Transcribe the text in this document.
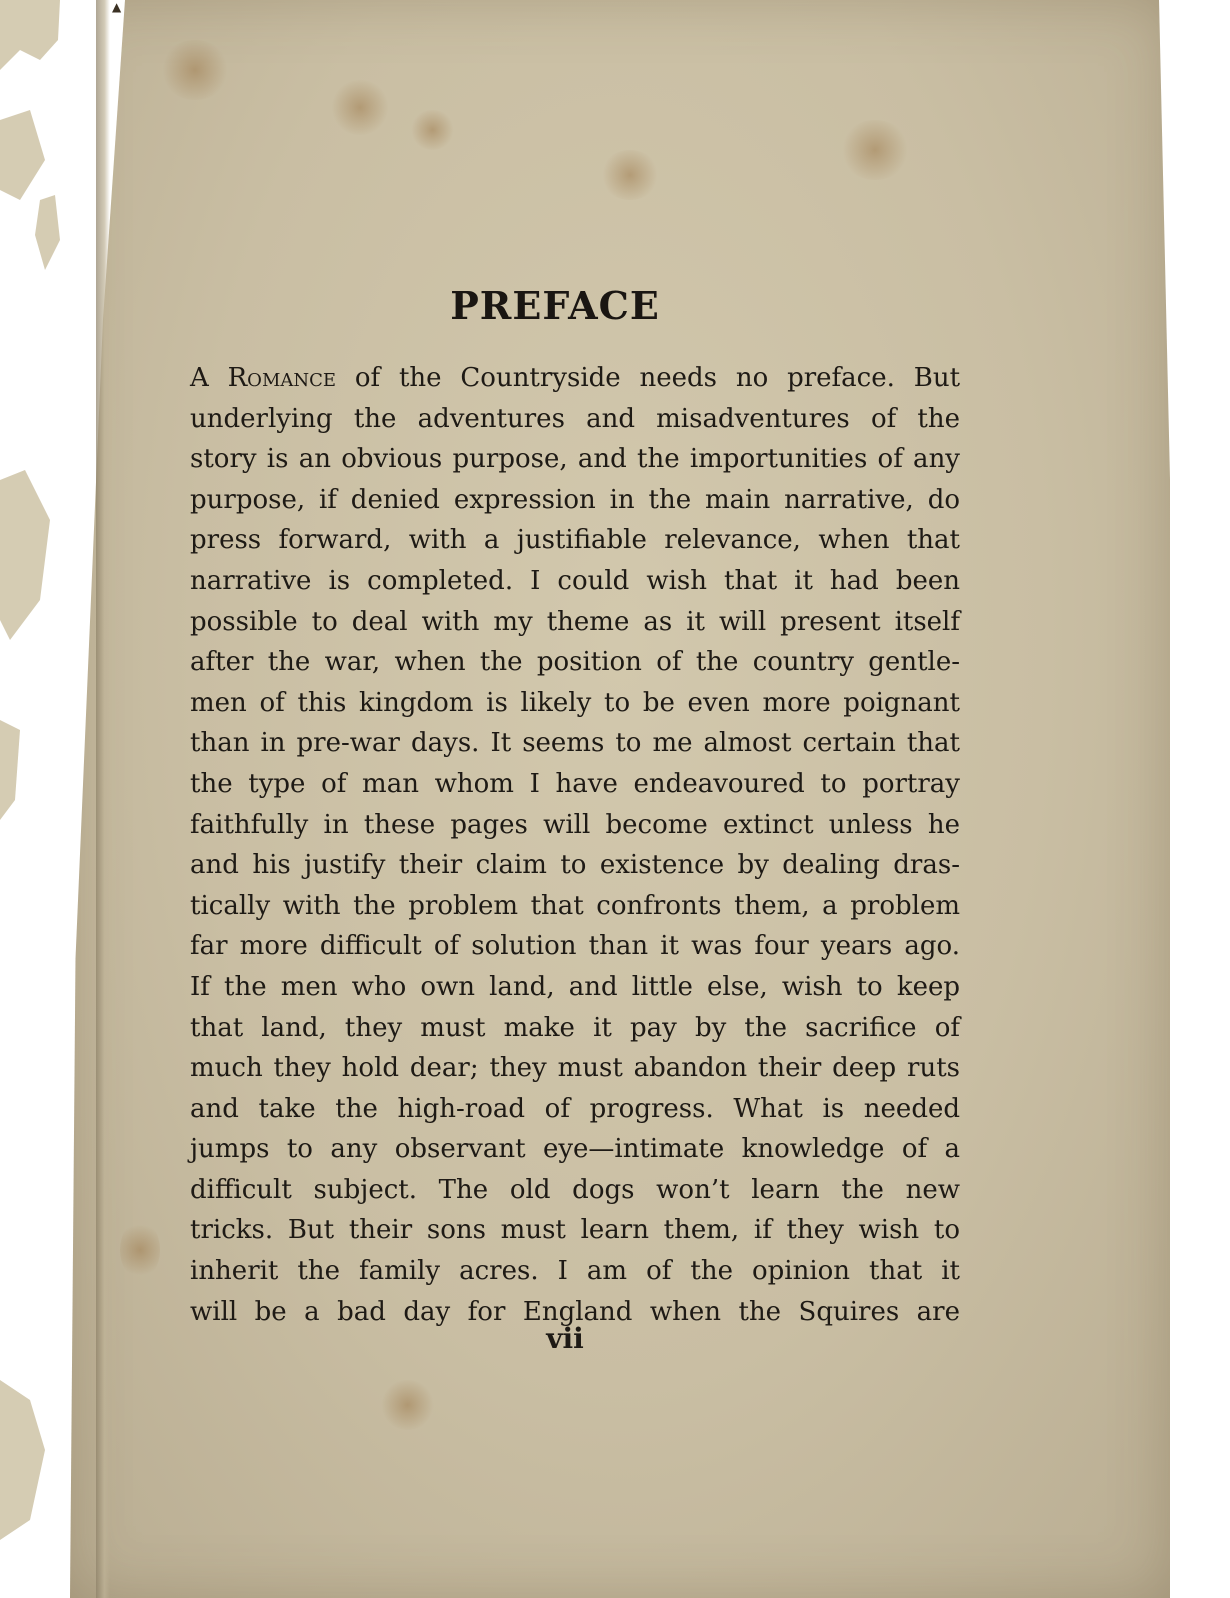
▲
PREFACE
A Romance of the Countryside needs no preface. But
underlying the adventures and misadventures of the
story is an obvious purpose, and the importunities of any
purpose, if denied expression in the main narrative, do
press forward, with a justifiable relevance, when that
narrative is completed. I could wish that it had been
possible to deal with my theme as it will present itself
after the war, when the position of the country gentle-
men of this kingdom is likely to be even more poignant
than in pre-war days. It seems to me almost certain that
the type of man whom I have endeavoured to portray
faithfully in these pages will become extinct unless he
and his justify their claim to existence by dealing dras-
tically with the problem that confronts them, a problem
far more difficult of solution than it was four years ago.
If the men who own land, and little else, wish to keep
that land, they must make it pay by the sacrifice of
much they hold dear; they must abandon their deep ruts
and take the high-road of progress. What is needed
jumps to any observant eye—intimate knowledge of a
difficult subject. The old dogs won’t learn the new
tricks. But their sons must learn them, if they wish to
inherit the family acres. I am of the opinion that it
will be a bad day for England when the Squires are
vii
